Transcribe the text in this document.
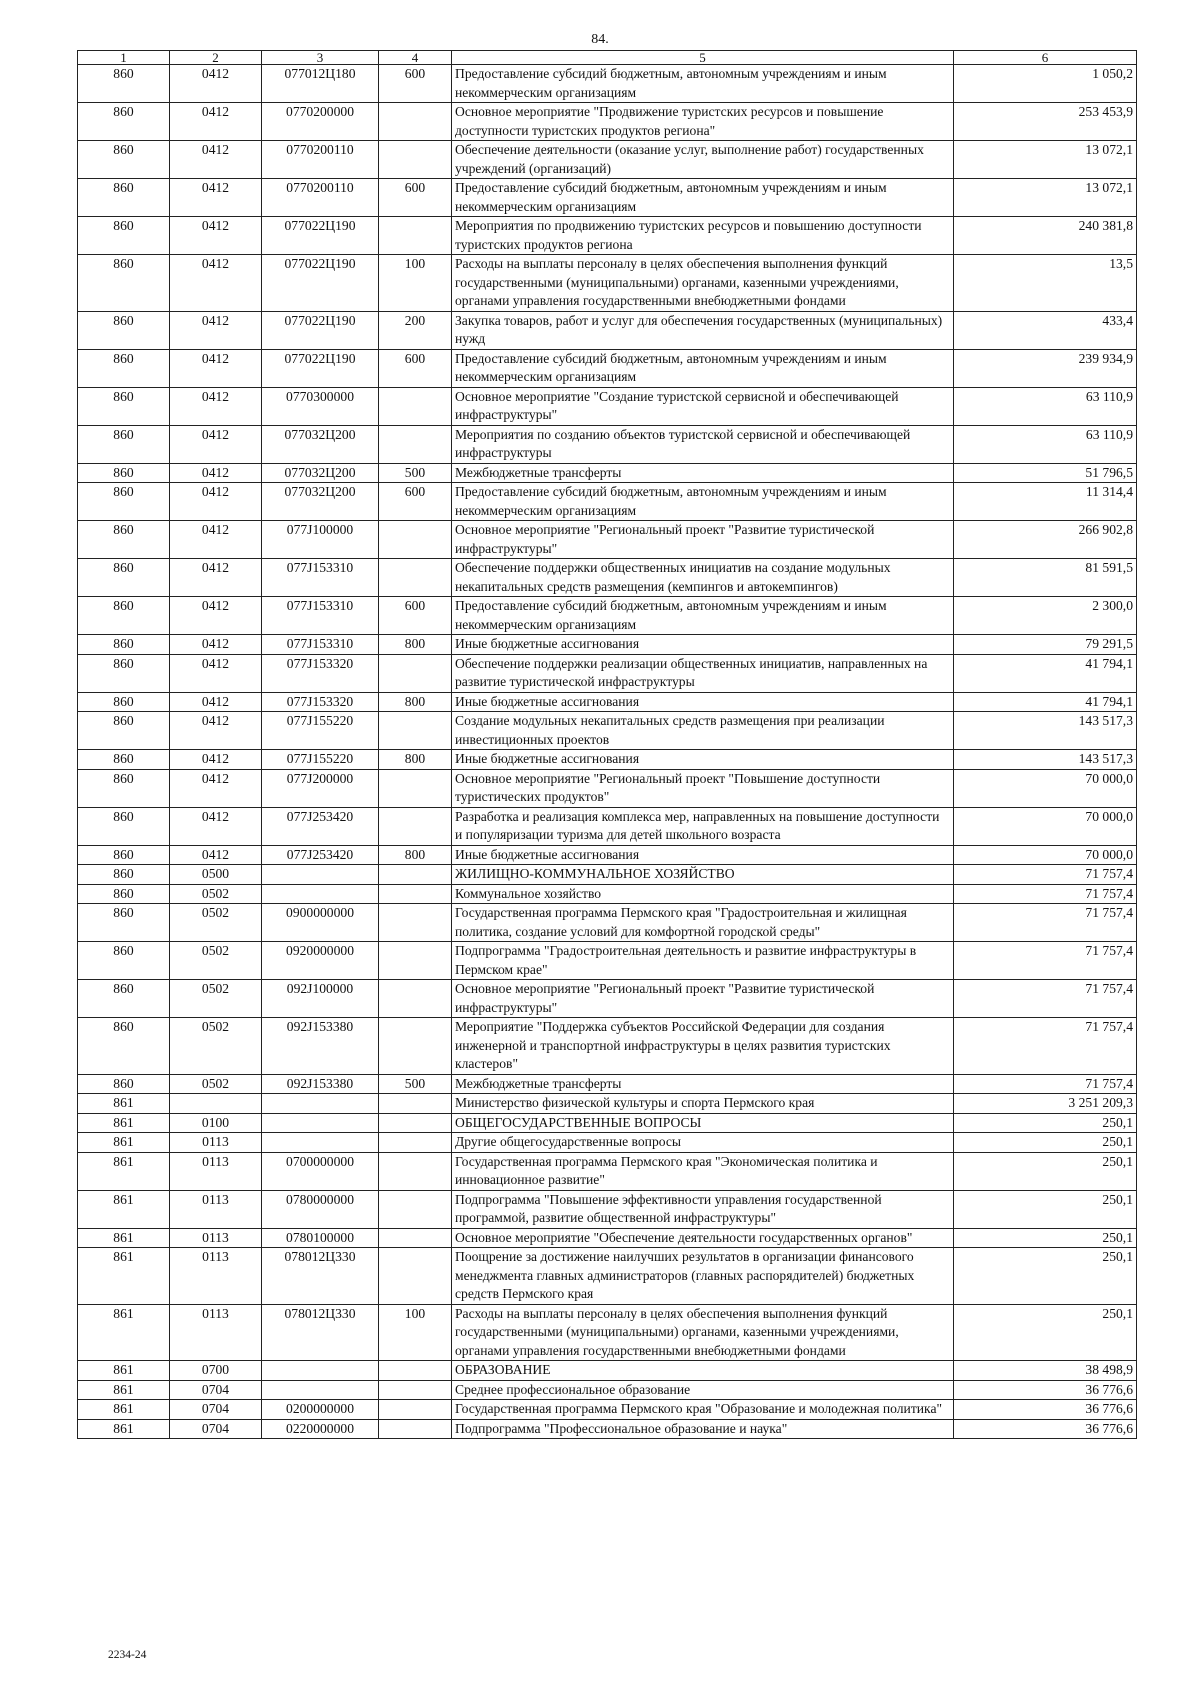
84.
1	2	3	4	5	6
860	0412	077012Ц180	600	Предоставление субсидий бюджетным, автономным учреждениям и иным некоммерческим организациям	1 050,2
860	0412	0770200000		Основное мероприятие "Продвижение туристских ресурсов и повышение доступности туристских продуктов региона"	253 453,9
860	0412	0770200110		Обеспечение деятельности (оказание услуг, выполнение работ) государственных учреждений (организаций)	13 072,1
860	0412	0770200110	600	Предоставление субсидий бюджетным, автономным учреждениям и иным некоммерческим организациям	13 072,1
860	0412	077022Ц190		Мероприятия по продвижению туристских ресурсов и повышению доступности туристских продуктов региона	240 381,8
860	0412	077022Ц190	100	Расходы на выплаты персоналу в целях обеспечения выполнения функций государственными (муниципальными) органами, казенными учреждениями, органами управления государственными внебюджетными фондами	13,5
860	0412	077022Ц190	200	Закупка товаров, работ и услуг для обеспечения государственных (муниципальных) нужд	433,4
860	0412	077022Ц190	600	Предоставление субсидий бюджетным, автономным учреждениям и иным некоммерческим организациям	239 934,9
860	0412	0770300000		Основное мероприятие "Создание туристской сервисной и обеспечивающей инфраструктуры"	63 110,9
860	0412	077032Ц200		Мероприятия по созданию объектов туристской сервисной и обеспечивающей инфраструктуры	63 110,9
860	0412	077032Ц200	500	Межбюджетные трансферты	51 796,5
860	0412	077032Ц200	600	Предоставление субсидий бюджетным, автономным учреждениям и иным некоммерческим организациям	11 314,4
860	0412	077J100000		Основное мероприятие "Региональный проект "Развитие туристической инфраструктуры"	266 902,8
860	0412	077J153310		Обеспечение поддержки общественных инициатив на создание модульных некапитальных средств размещения (кемпингов и автокемпингов)	81 591,5
860	0412	077J153310	600	Предоставление субсидий бюджетным, автономным учреждениям и иным некоммерческим организациям	2 300,0
860	0412	077J153310	800	Иные бюджетные ассигнования	79 291,5
860	0412	077J153320		Обеспечение поддержки реализации общественных инициатив, направленных на развитие туристической инфраструктуры	41 794,1
860	0412	077J153320	800	Иные бюджетные ассигнования	41 794,1
860	0412	077J155220		Создание модульных некапитальных средств размещения при реализации инвестиционных проектов	143 517,3
860	0412	077J155220	800	Иные бюджетные ассигнования	143 517,3
860	0412	077J200000		Основное мероприятие "Региональный проект "Повышение доступности туристических продуктов"	70 000,0
860	0412	077J253420		Разработка и реализация комплекса мер, направленных на повышение доступности и популяризации туризма для детей школьного возраста	70 000,0
860	0412	077J253420	800	Иные бюджетные ассигнования	70 000,0
860	0500			ЖИЛИЩНО-КОММУНАЛЬНОЕ ХОЗЯЙСТВО	71 757,4
860	0502			Коммунальное хозяйство	71 757,4
860	0502	0900000000		Государственная программа Пермского края "Градостроительная и жилищная политика, создание условий для комфортной городской среды"	71 757,4
860	0502	0920000000		Подпрограмма "Градостроительная деятельность и развитие инфраструктуры в Пермском крае"	71 757,4
860	0502	092J100000		Основное мероприятие "Региональный проект "Развитие туристической инфраструктуры"	71 757,4
860	0502	092J153380		Мероприятие "Поддержка субъектов Российской Федерации для создания инженерной и транспортной инфраструктуры в целях развития туристских кластеров"	71 757,4
860	0502	092J153380	500	Межбюджетные трансферты	71 757,4
861				Министерство физической культуры и спорта Пермского края	3 251 209,3
861	0100			ОБЩЕГОСУДАРСТВЕННЫЕ ВОПРОСЫ	250,1
861	0113			Другие общегосударственные вопросы	250,1
861	0113	0700000000		Государственная программа Пермского края "Экономическая политика и инновационное развитие"	250,1
861	0113	0780000000		Подпрограмма "Повышение эффективности управления государственной программой, развитие общественной инфраструктуры"	250,1
861	0113	0780100000		Основное мероприятие "Обеспечение деятельности государственных органов"	250,1
861	0113	078012Ц330		Поощрение за достижение наилучших результатов в организации финансового менеджмента главных администраторов (главных распорядителей) бюджетных средств Пермского края	250,1
861	0113	078012Ц330	100	Расходы на выплаты персоналу в целях обеспечения выполнения функций государственными (муниципальными) органами, казенными учреждениями, органами управления государственными внебюджетными фондами	250,1
861	0700			ОБРАЗОВАНИЕ	38 498,9
861	0704			Среднее профессиональное образование	36 776,6
861	0704	0200000000		Государственная программа Пермского края "Образование и молодежная политика"	36 776,6
861	0704	0220000000		Подпрограмма "Профессиональное образование и наука"	36 776,6
2234-24
